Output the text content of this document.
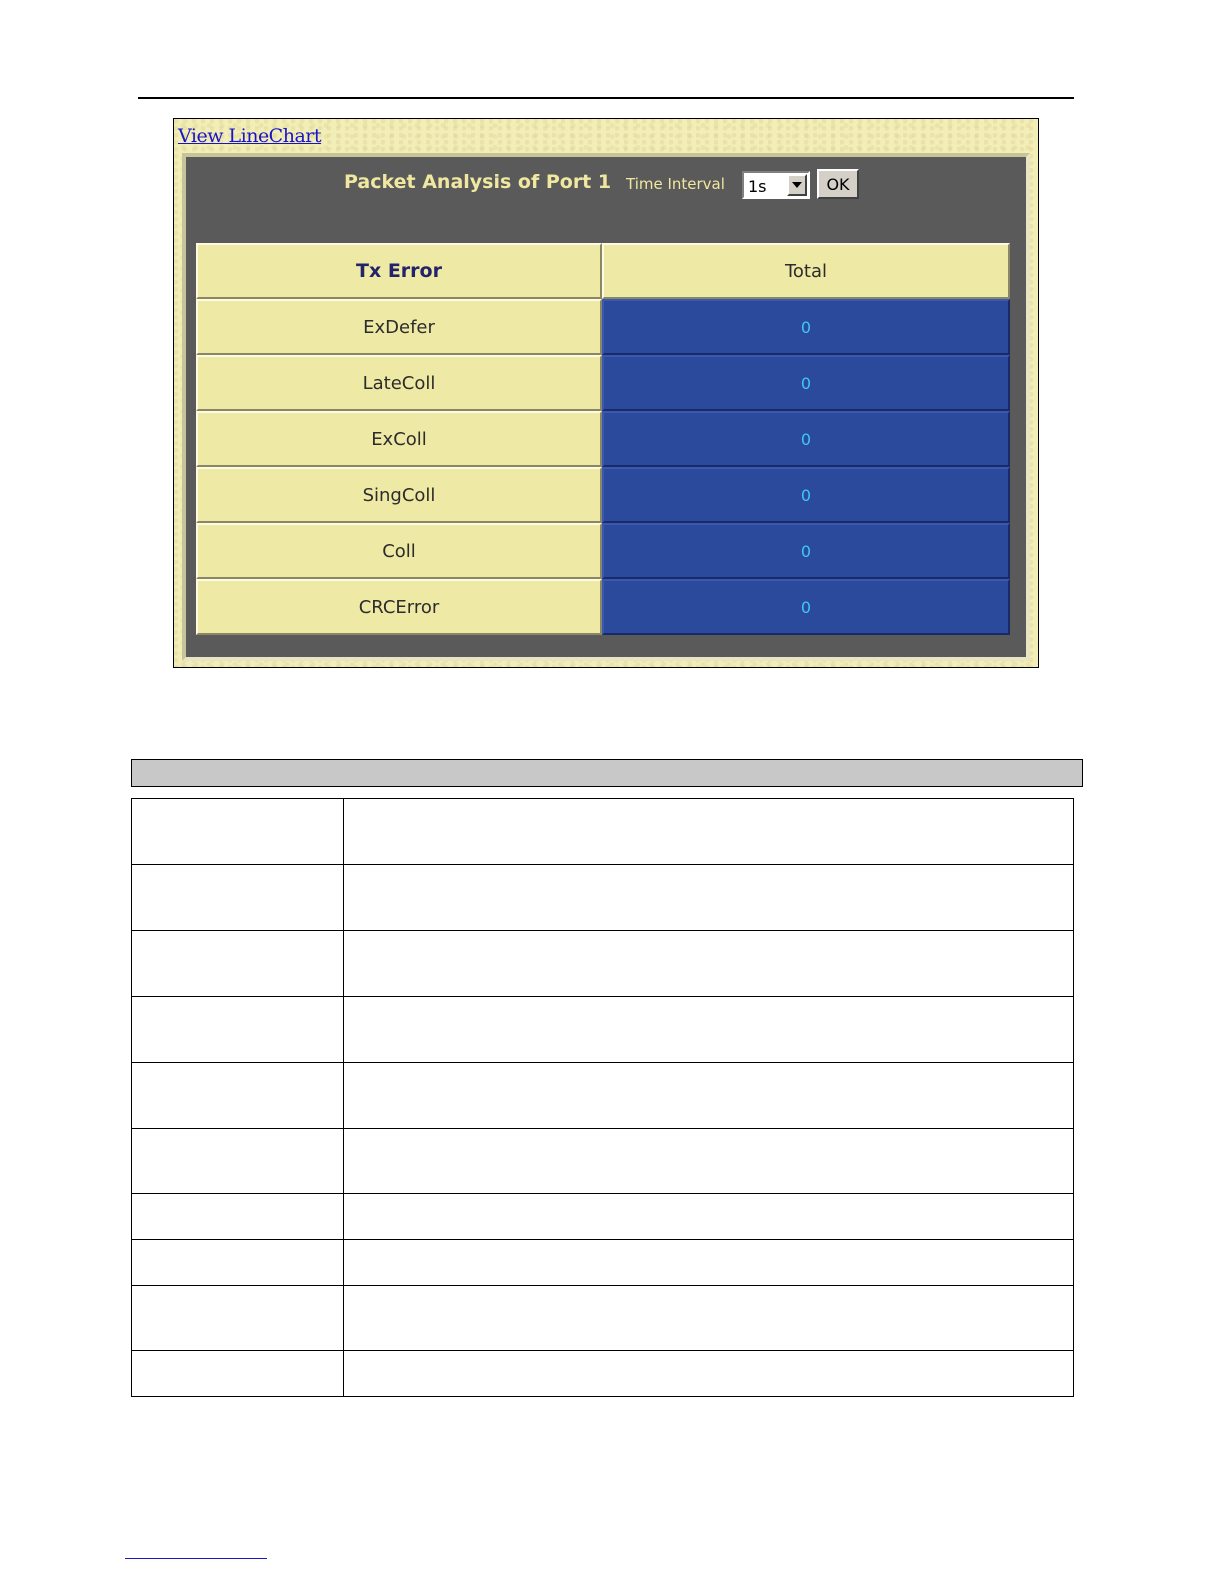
View LineChart
Packet Analysis of Port 1 Time Interval 1s	OK
Tx Error	Total
ExDefer	0
LateColl	0
ExColl	0
SingColl	0
Coll	0
CRCError	0
